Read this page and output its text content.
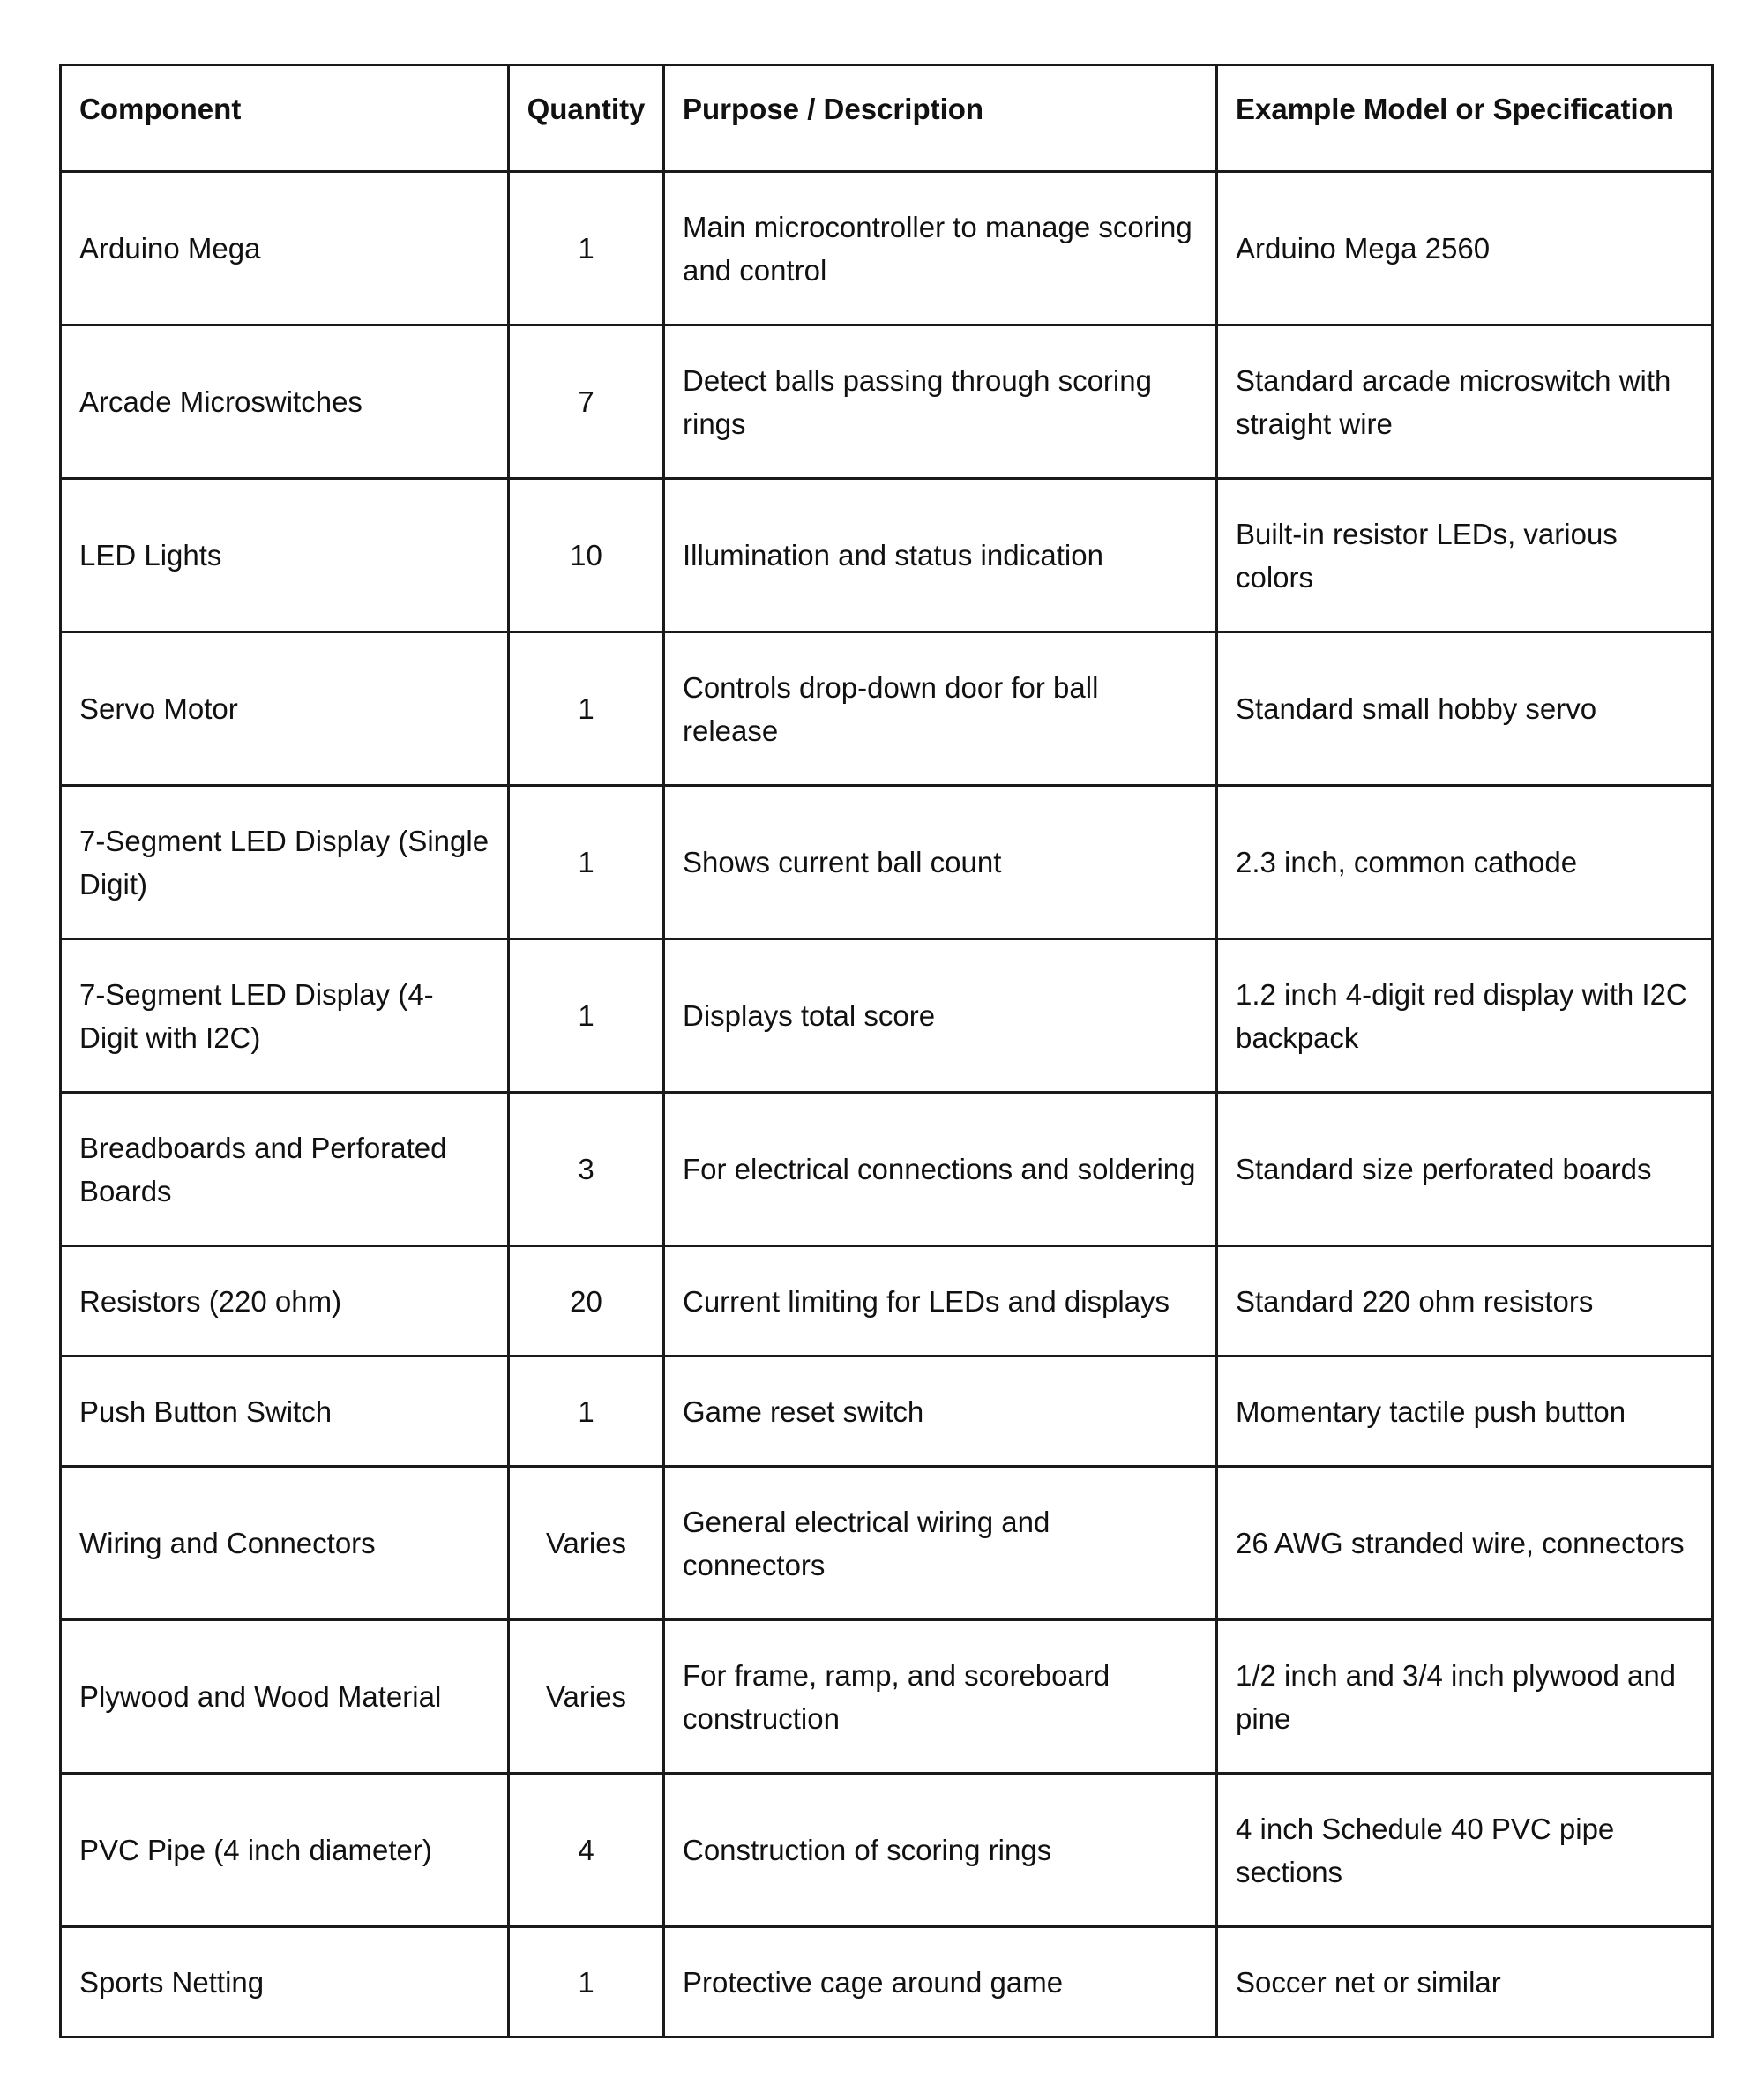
Component	Quantity	Purpose / Description	Example Model or Specification
Arduino Mega	1	Main microcontroller to manage scoring and control	Arduino Mega 2560
Arcade Microswitches	7	Detect balls passing through scoring rings	Standard arcade microswitch with straight wire
LED Lights	10	Illumination and status indication	Built-in resistor LEDs, various colors
Servo Motor	1	Controls drop-down door for ball release	Standard small hobby servo
7-Segment LED Display (Single Digit)	1	Shows current ball count	2.3 inch, common cathode
7-Segment LED Display (4-Digit with I2C)	1	Displays total score	1.2 inch 4-digit red display with I2C backpack
Breadboards and Perforated Boards	3	For electrical connections and soldering	Standard size perforated boards
Resistors (220 ohm)	20	Current limiting for LEDs and displays	Standard 220 ohm resistors
Push Button Switch	1	Game reset switch	Momentary tactile push button
Wiring and Connectors	Varies	General electrical wiring and connectors	26 AWG stranded wire, connectors
Plywood and Wood Material	Varies	For frame, ramp, and scoreboard construction	1/2 inch and 3/4 inch plywood and pine
PVC Pipe (4 inch diameter)	4	Construction of scoring rings	4 inch Schedule 40 PVC pipe sections
Sports Netting	1	Protective cage around game	Soccer net or similar
